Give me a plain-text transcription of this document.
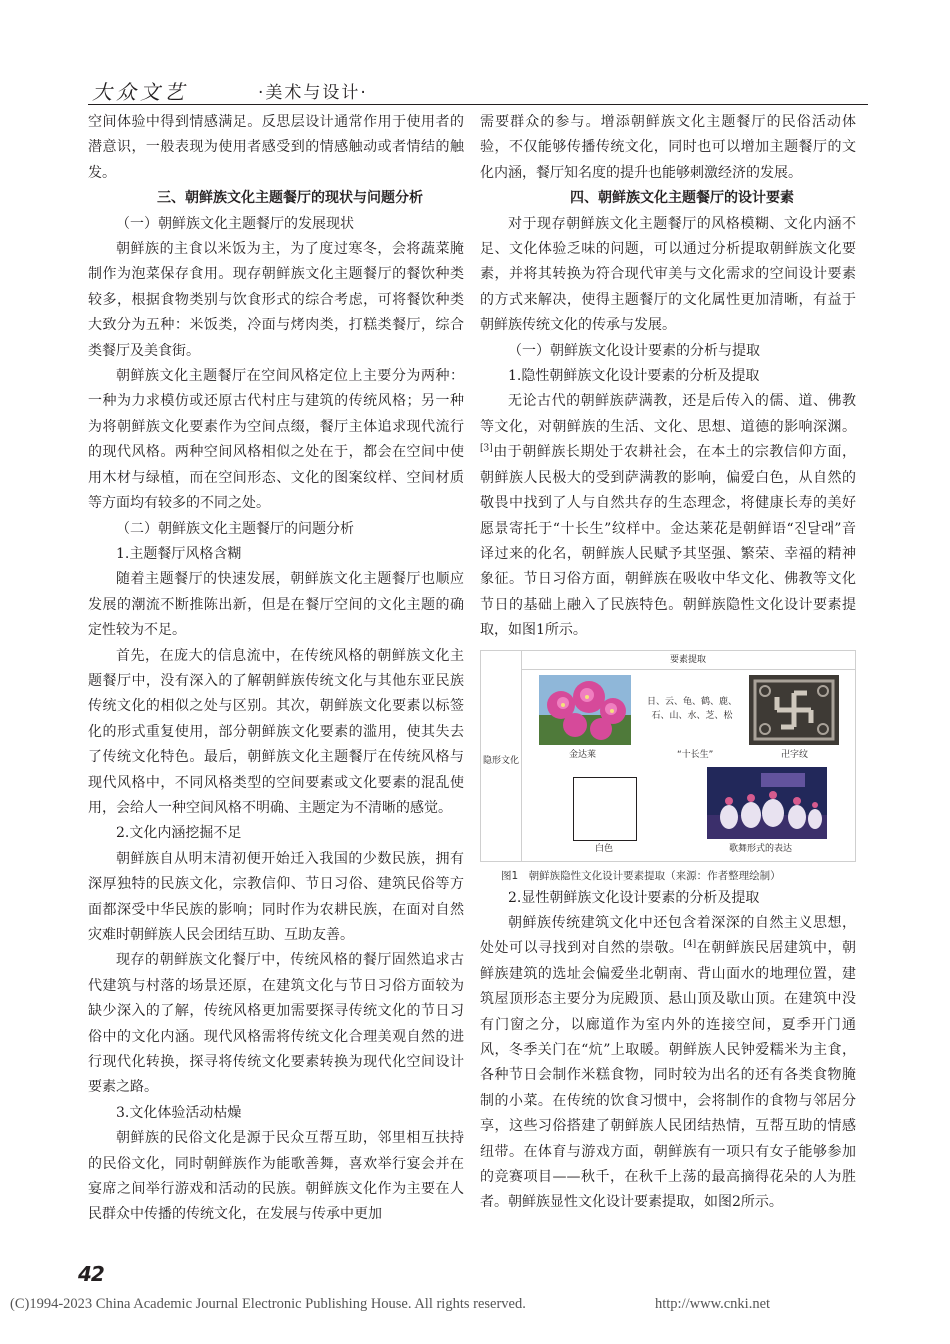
大众文艺	·美术与设计·

空间体验中得到情感满足。反思层设计通常作用于使用者的潜意识，一般表现为使用者感受到的情感触动或者情结的触发。

三、朝鲜族文化主题餐厅的现状与问题分析

（一）朝鲜族文化主题餐厅的发展现状

朝鲜族的主食以米饭为主，为了度过寒冬，会将蔬菜腌制作为泡菜保存食用。现存朝鲜族文化主题餐厅的餐饮种类较多，根据食物类别与饮食形式的综合考虑，可将餐饮种类大致分为五种：米饭类，冷面与烤肉类，打糕类餐厅，综合类餐厅及美食街。

朝鲜族文化主题餐厅在空间风格定位上主要分为两种：一种为力求模仿或还原古代村庄与建筑的传统风格；另一种为将朝鲜族文化要素作为空间点缀，餐厅主体追求现代流行的现代风格。两种空间风格相似之处在于，都会在空间中使用木材与绿植，而在空间形态、文化的图案纹样、空间材质等方面均有较多的不同之处。

（二）朝鲜族文化主题餐厅的问题分析

1.主题餐厅风格含糊

随着主题餐厅的快速发展，朝鲜族文化主题餐厅也顺应发展的潮流不断推陈出新，但是在餐厅空间的文化主题的确定性较为不足。

首先，在庞大的信息流中，在传统风格的朝鲜族文化主题餐厅中，没有深入的了解朝鲜族传统文化与其他东亚民族传统文化的相似之处与区别。其次，朝鲜族文化要素以标签化的形式重复使用，部分朝鲜族文化要素的滥用，使其失去了传统文化特色。最后，朝鲜族文化主题餐厅在传统风格与现代风格中，不同风格类型的空间要素或文化要素的混乱使用，会给人一种空间风格不明确、主题定为不清晰的感觉。

2.文化内涵挖掘不足

朝鲜族自从明末清初便开始迁入我国的少数民族，拥有深厚独特的民族文化，宗教信仰、节日习俗、建筑民俗等方面都深受中华民族的影响；同时作为农耕民族，在面对自然灾难时朝鲜族人民会团结互助、互助友善。

现存的朝鲜族文化餐厅中，传统风格的餐厅固然追求古代建筑与村落的场景还原，在建筑文化与节日习俗方面较为缺少深入的了解，传统风格更加需要探寻传统文化的节日习俗中的文化内涵。现代风格需将传统文化合理美观自然的进行现代化转换，探寻将传统文化要素转换为现代化空间设计要素之路。

3.文化体验活动枯燥

朝鲜族的民俗文化是源于民众互帮互助，邻里相互扶持的民俗文化，同时朝鲜族作为能歌善舞，喜欢举行宴会并在宴席之间举行游戏和活动的民族。朝鲜族文化作为主要在人民群众中传播的传统文化，在发展与传承中更加

需要群众的参与。增添朝鲜族文化主题餐厅的民俗活动体验，不仅能够传播传统文化，同时也可以增加主题餐厅的文化内涵，餐厅知名度的提升也能够刺激经济的发展。

四、朝鲜族文化主题餐厅的设计要素

对于现存朝鲜族文化主题餐厅的风格模糊、文化内涵不足、文化体验乏味的问题，可以通过分析提取朝鲜族文化要素，并将其转换为符合现代审美与文化需求的空间设计要素的方式来解决，使得主题餐厅的文化属性更加清晰，有益于朝鲜族传统文化的传承与发展。

（一）朝鲜族文化设计要素的分析与提取

1.隐性朝鲜族文化设计要素的分析及提取

无论古代的朝鲜族萨满教，还是后传入的儒、道、佛教等文化，对朝鲜族的生活、文化、思想、道德的影响深渊。[3]由于朝鲜族长期处于农耕社会，在本土的宗教信仰方面，朝鲜族人民极大的受到萨满教的影响，偏爱白色，从自然的敬畏中找到了人与自然共存的生态理念，将健康长寿的美好愿景寄托于“十长生”纹样中。金达莱花是朝鲜语“진달래”音译过来的化名，朝鲜族人民赋予其坚强、繁荣、幸福的精神象征。节日习俗方面，朝鲜族在吸收中华文化、佛教等文化节日的基础上融入了民族特色。朝鲜族隐性文化设计要素提取，如图1所示。

要素提取
隐形文化
金达莱
日、云、龟、鹤、鹿、石、山、水、芝、松
“十长生”	卍字纹
白色	歌舞形式的表达

图1　朝鲜族隐性文化设计要素提取（来源：作者整理绘制）

2.显性朝鲜族文化设计要素的分析及提取

朝鲜族传统建筑文化中还包含着深深的自然主义思想，处处可以寻找到对自然的崇敬。[4]在朝鲜族民居建筑中，朝鲜族建筑的选址会偏爱坐北朝南、背山面水的地理位置，建筑屋顶形态主要分为庑殿顶、悬山顶及歇山顶。在建筑中没有门窗之分，以廊道作为室内外的连接空间，夏季开门通风，冬季关门在“炕”上取暖。朝鲜族人民钟爱糯米为主食，各种节日会制作米糕食物，同时较为出名的还有各类食物腌制的小菜。在传统的饮食习惯中，会将制作的食物与邻居分享，这些习俗搭建了朝鲜族人民团结热情，互帮互助的情感纽带。在体育与游戏方面，朝鲜族有一项只有女子能够参加的竞赛项目——秋千，在秋千上荡的最高摘得花朵的人为胜者。朝鲜族显性文化设计要素提取，如图2所示。

42
(C)1994-2023 China Academic Journal Electronic Publishing House. All rights reserved.	http://www.cnki.net
